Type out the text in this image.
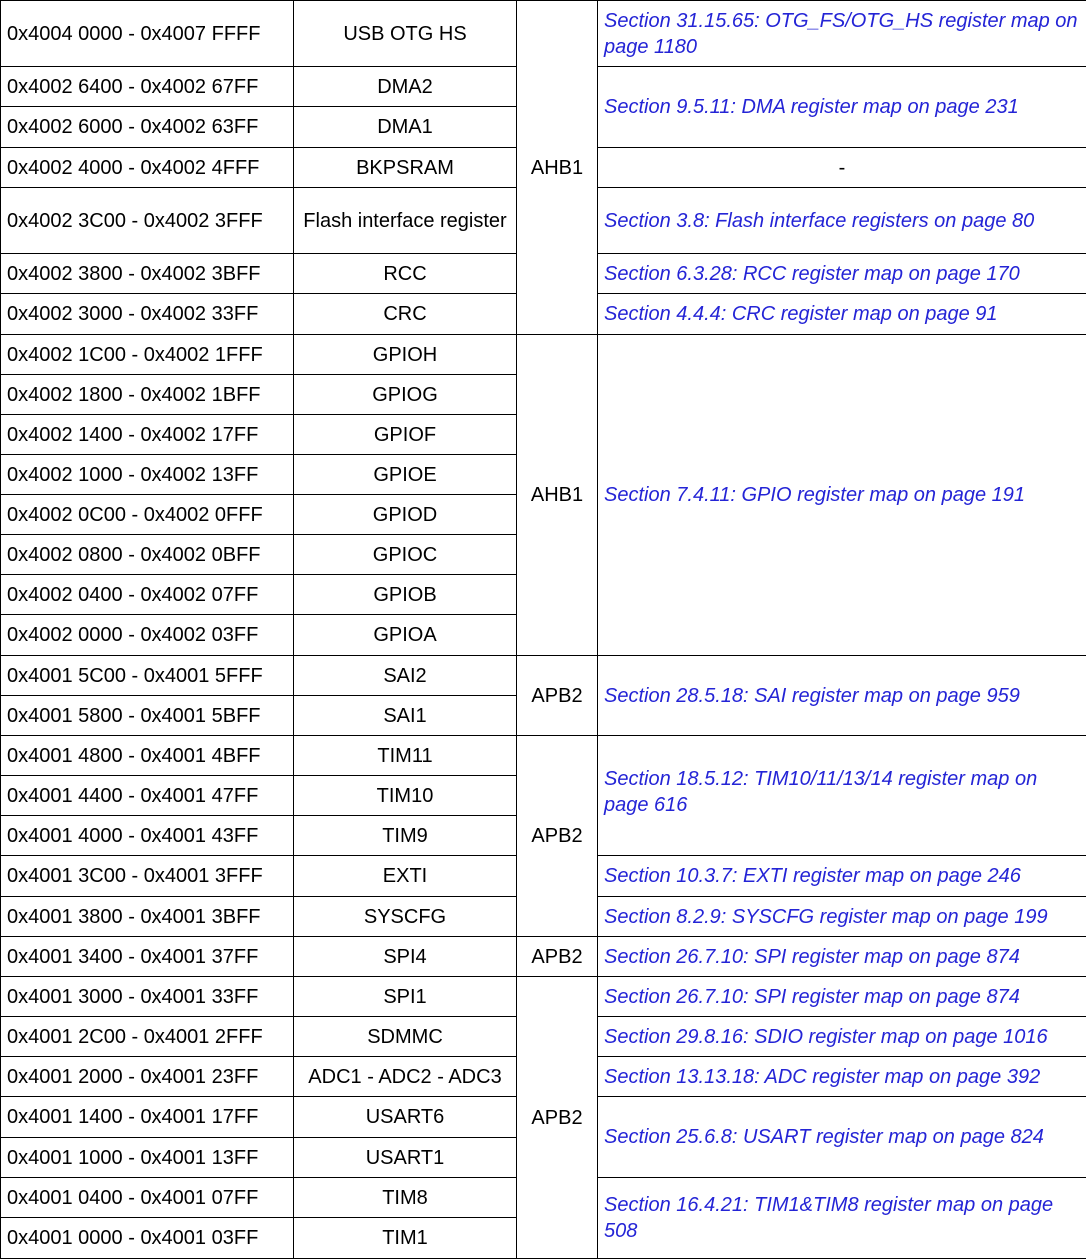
0x4004 0000 - 0x4007 FFFF	USB OTG HS	AHB1	Section 31.15.65: OTG_FS/OTG_HS register map on page 1180
0x4002 6400 - 0x4002 67FF	DMA2		Section 9.5.11: DMA register map on page 231
0x4002 6000 - 0x4002 63FF	DMA1		
0x4002 4000 - 0x4002 4FFF	BKPSRAM		-
0x4002 3C00 - 0x4002 3FFF	Flash interface register		Section 3.8: Flash interface registers on page 80
0x4002 3800 - 0x4002 3BFF	RCC		Section 6.3.28: RCC register map on page 170
0x4002 3000 - 0x4002 33FF	CRC		Section 4.4.4: CRC register map on page 91
0x4002 1C00 - 0x4002 1FFF	GPIOH	AHB1	Section 7.4.11: GPIO register map on page 191
0x4002 1800 - 0x4002 1BFF	GPIOG		
0x4002 1400 - 0x4002 17FF	GPIOF		
0x4002 1000 - 0x4002 13FF	GPIOE		
0x4002 0C00 - 0x4002 0FFF	GPIOD		
0x4002 0800 - 0x4002 0BFF	GPIOC		
0x4002 0400 - 0x4002 07FF	GPIOB		
0x4002 0000 - 0x4002 03FF	GPIOA		
0x4001 5C00 - 0x4001 5FFF	SAI2	APB2	Section 28.5.18: SAI register map on page 959
0x4001 5800 - 0x4001 5BFF	SAI1		
0x4001 4800 - 0x4001 4BFF	TIM11	APB2	Section 18.5.12: TIM10/11/13/14 register map on page 616
0x4001 4400 - 0x4001 47FF	TIM10		
0x4001 4000 - 0x4001 43FF	TIM9		
0x4001 3C00 - 0x4001 3FFF	EXTI		Section 10.3.7: EXTI register map on page 246
0x4001 3800 - 0x4001 3BFF	SYSCFG		Section 8.2.9: SYSCFG register map on page 199
0x4001 3400 - 0x4001 37FF	SPI4	APB2	Section 26.7.10: SPI register map on page 874
0x4001 3000 - 0x4001 33FF	SPI1	APB2	Section 26.7.10: SPI register map on page 874
0x4001 2C00 - 0x4001 2FFF	SDMMC		Section 29.8.16: SDIO register map on page 1016
0x4001 2000 - 0x4001 23FF	ADC1 - ADC2 - ADC3		Section 13.13.18: ADC register map on page 392
0x4001 1400 - 0x4001 17FF	USART6		Section 25.6.8: USART register map on page 824
0x4001 1000 - 0x4001 13FF	USART1		
0x4001 0400 - 0x4001 07FF	TIM8		Section 16.4.21: TIM1&TIM8 register map on page 508
0x4001 0000 - 0x4001 03FF	TIM1		
